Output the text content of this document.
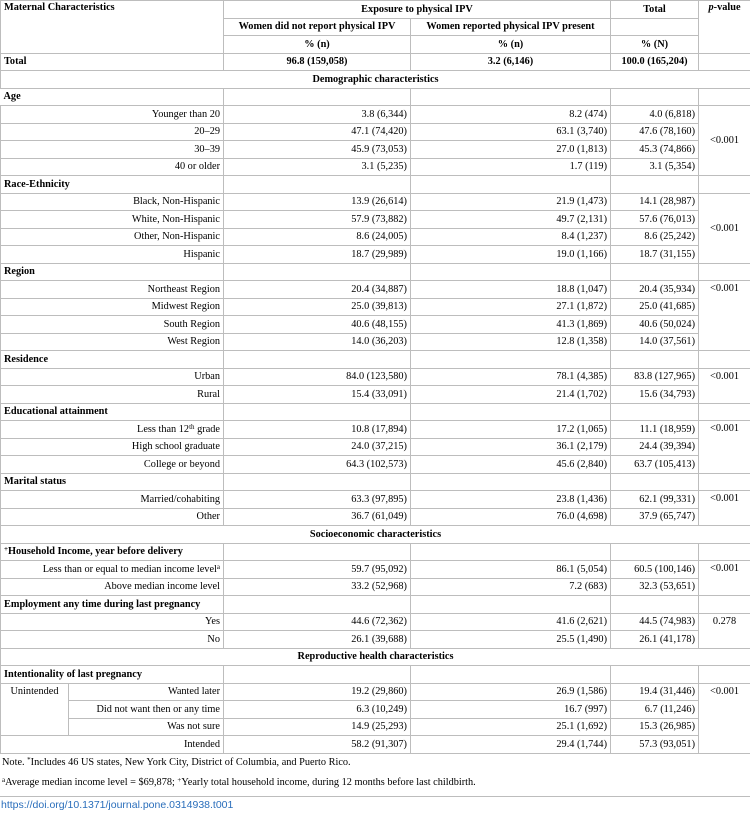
Maternal Characteristics		Exposure to physical IPV		Total	p-value
		Women did not report physical IPV	Women reported physical IPV present		
		% (n)	% (n)	% (N)	
Total		96.8 (159,058)	3.2 (6,146)	100.0 (165,204)	
Demographic characteristics					
Age					
Younger than 20		3.8 (6,344)	8.2 (474)	4.0 (6,818)	<0.001
20–29		47.1 (74,420)	63.1 (3,740)	47.6 (78,160)	
30–39		45.9 (73,053)	27.0 (1,813)	45.3 (74,866)	
40 or older		3.1 (5,235)	1.7 (119)	3.1 (5,354)	
Race-Ethnicity					
Black, Non-Hispanic		13.9 (26,614)	21.9 (1,473)	14.1 (28,987)	<0.001
White, Non-Hispanic		57.9 (73,882)	49.7 (2,131)	57.6 (76,013)	
Other, Non-Hispanic		8.6 (24,005)	8.4 (1,237)	8.6 (25,242)	
Hispanic		18.7 (29,989)	19.0 (1,166)	18.7 (31,155)	
Region					
Northeast Region		20.4 (34,887)	18.8 (1,047)	20.4 (35,934)	<0.001
Midwest Region		25.0 (39,813)	27.1 (1,872)	25.0 (41,685)	
South Region		40.6 (48,155)	41.3 (1,869)	40.6 (50,024)	
West Region		14.0 (36,203)	12.8 (1,358)	14.0 (37,561)	
Residence					
Urban		84.0 (123,580)	78.1 (4,385)	83.8 (127,965)	<0.001
Rural		15.4 (33,091)	21.4 (1,702)	15.6 (34,793)	
Educational attainment					
Less than 12th grade		10.8 (17,894)	17.2 (1,065)	11.1 (18,959)	<0.001
High school graduate		24.0 (37,215)	36.1 (2,179)	24.4 (39,394)	
College or beyond		64.3 (102,573)	45.6 (2,840)	63.7 (105,413)	
Marital status					
Married/cohabiting		63.3 (97,895)	23.8 (1,436)	62.1 (99,331)	<0.001
Other		36.7 (61,049)	76.0 (4,698)	37.9 (65,747)	
Socioeconomic characteristics					
+Household Income, year before delivery					
Less than or equal to median income level$^a$		59.7 (95,092)	86.1 (5,054)	60.5 (100,146)	<0.001
Above median income level		33.2 (52,968)	7.2 (683)	32.3 (53,651)	
Employment any time during last pregnancy					
Yes		44.6 (72,362)	41.6 (2,621)	44.5 (74,983)	0.278
No		26.1 (39,688)	25.5 (1,490)	26.1 (41,178)	
Reproductive health characteristics					
Intentionality of last pregnancy					
Unintended	Wanted later	19.2 (29,860)	26.9 (1,586)	19.4 (31,446)	<0.001
	Did not want then or any time	6.3 (10,249)	16.7 (997)	6.7 (11,246)	
	Was not sure	14.9 (25,293)	25.1 (1,692)	15.3 (26,985)	
Intended		58.2 (91,307)	29.4 (1,744)	57.3 (93,051)	
Note. *Includes 46 US states, New York City, District of Columbia, and Puerto Rico.
$^a$Average median income level = $69,878; +Yearly total household income, during 12 months before last childbirth.
https://doi.org/10.1371/journal.pone.0314938.t001
